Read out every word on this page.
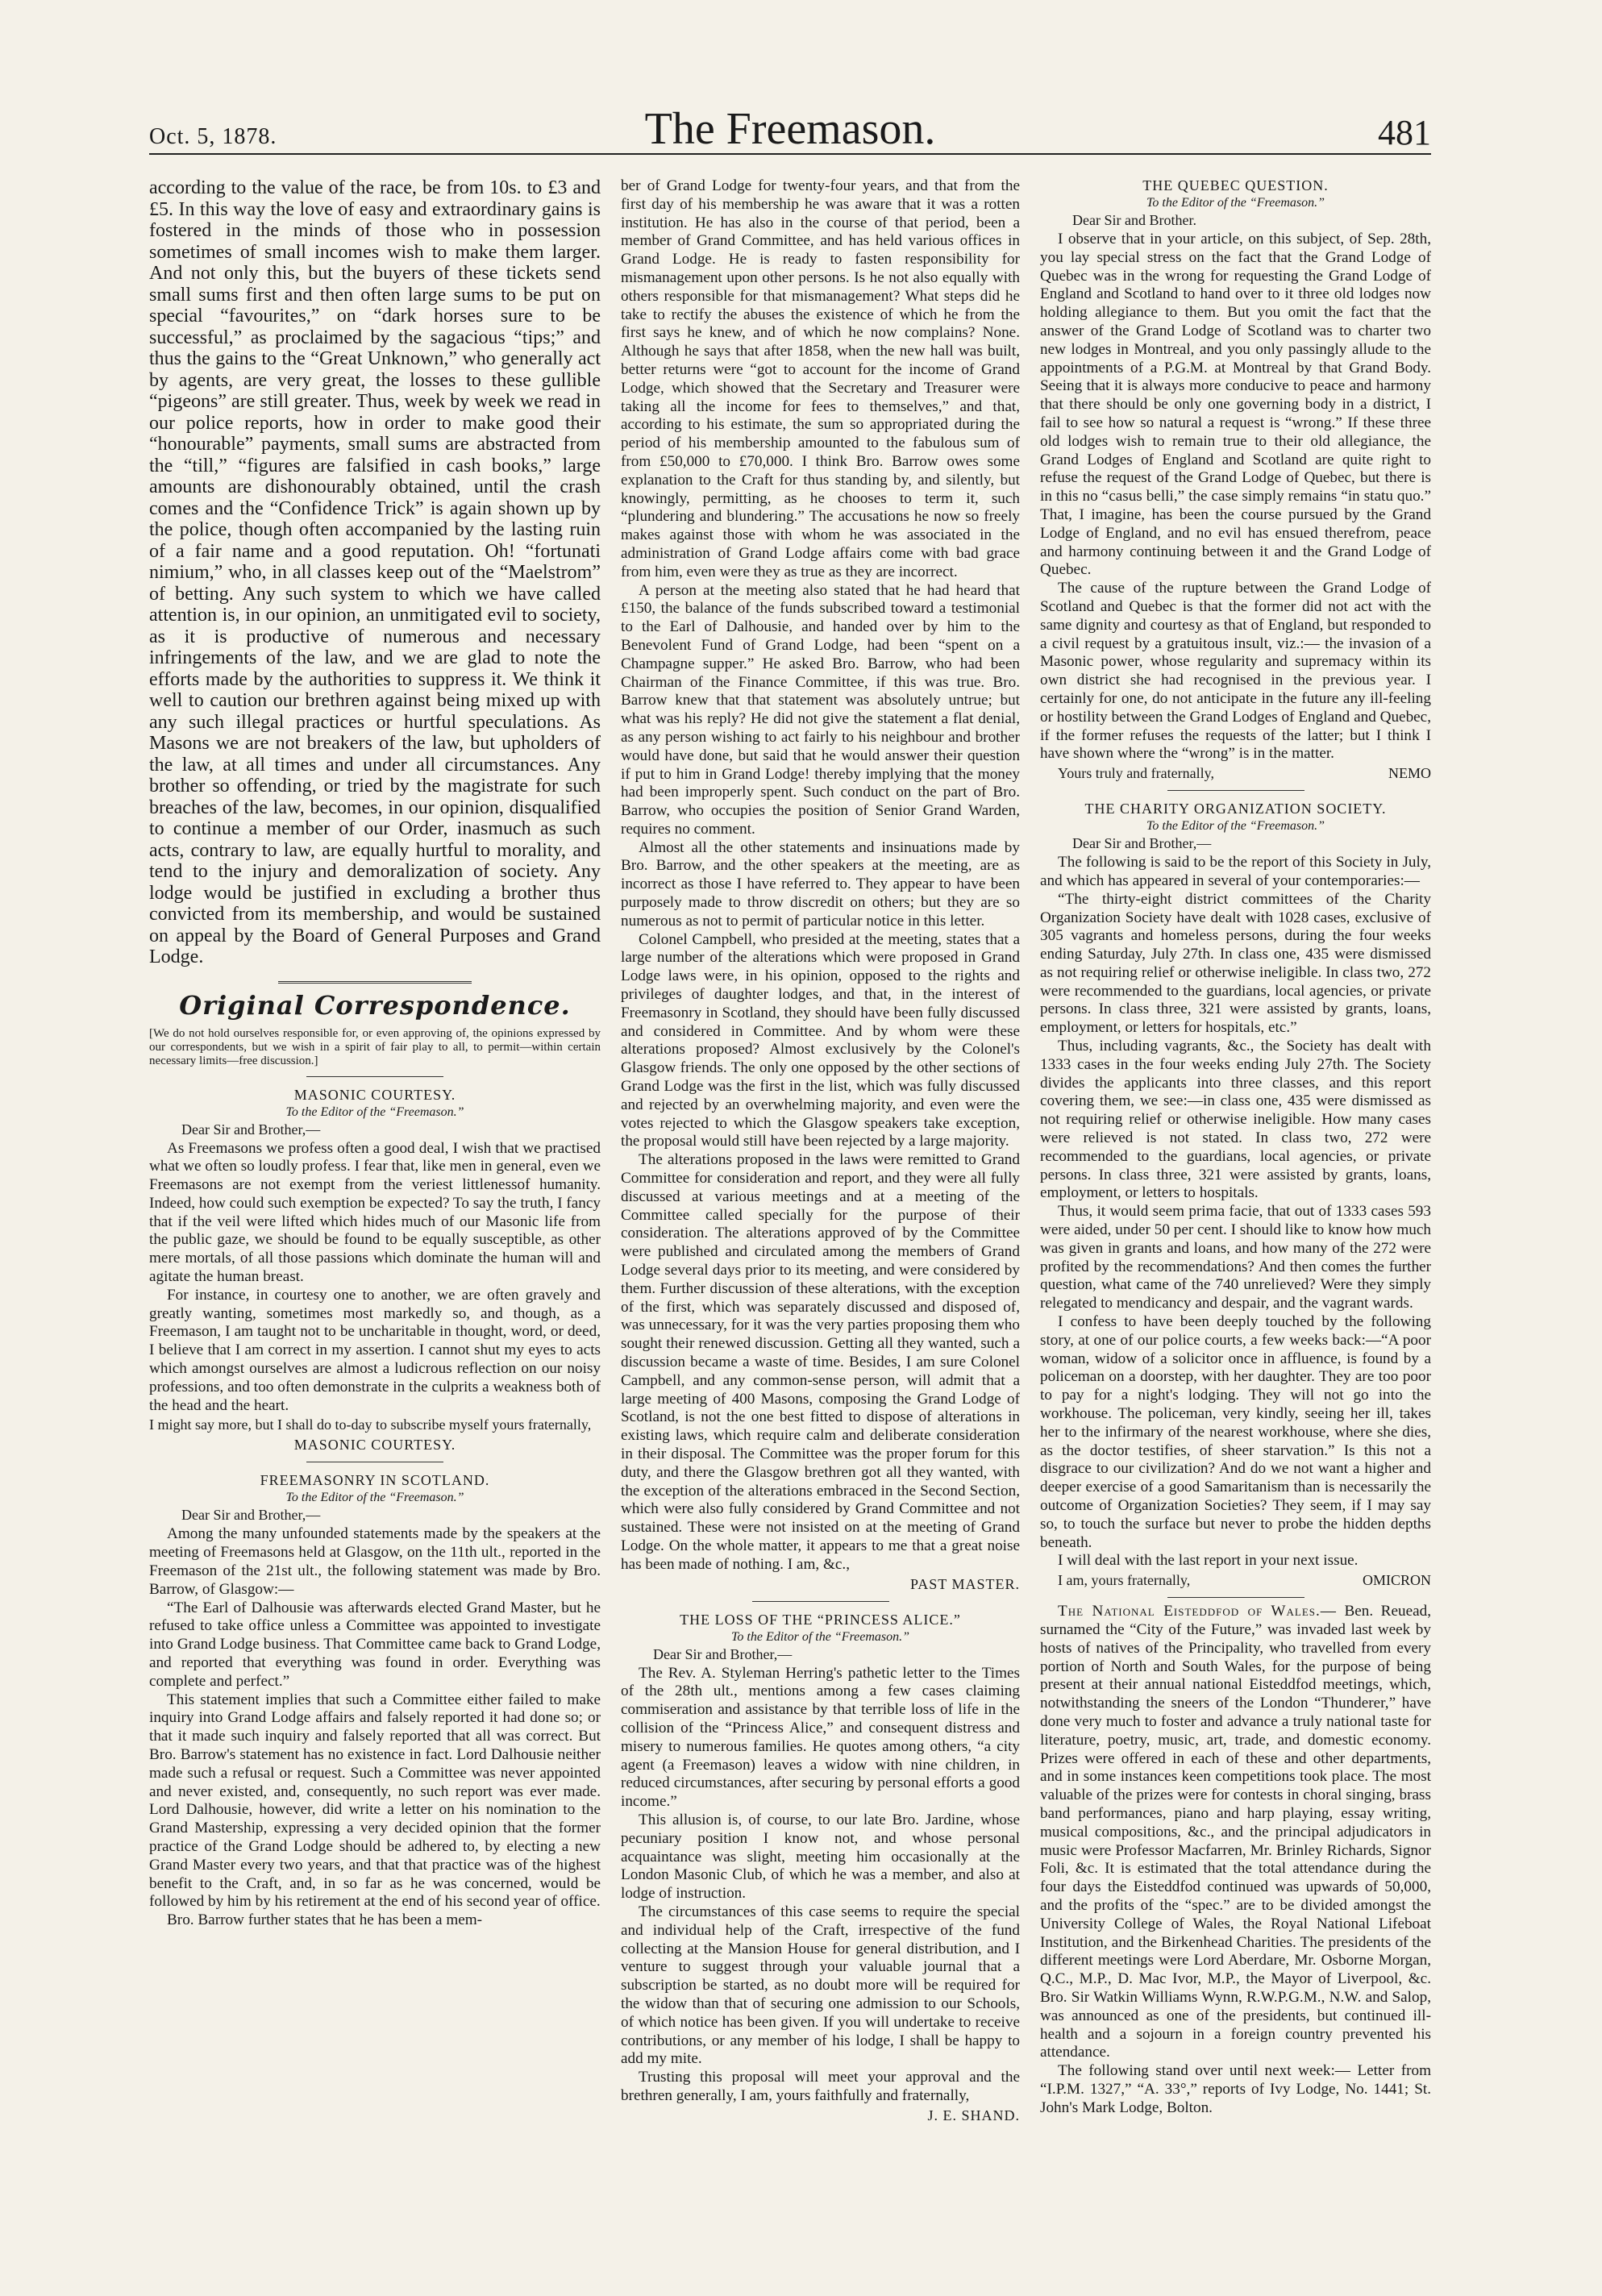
Oct. 5, 1878.	The Freemason.	481

according to the value of the race, be from 10s. to £3 and £5. In this way the love of easy and extraordinary gains is fostered in the minds of those who in possession sometimes of small incomes wish to make them larger. And not only this, but the buyers of these tickets send small sums first and then often large sums to be put on special “favourites,” on “dark horses sure to be successful,” as proclaimed by the sagacious “tips;” and thus the gains to the “Great Unknown,” who generally act by agents, are very great, the losses to these gullible “pigeons” are still greater. Thus, week by week we read in our police reports, how in order to make good their “honourable” payments, small sums are abstracted from the “till,” “figures are falsified in cash books,” large amounts are dishonourably obtained, until the crash comes and the “Confidence Trick” is again shown up by the police, though often accompanied by the lasting ruin of a fair name and a good reputation. Oh! “fortunati nimium,” who, in all classes keep out of the “Maelstrom” of betting. Any such system to which we have called attention is, in our opinion, an unmitigated evil to society, as it is productive of numerous and necessary infringements of the law, and we are glad to note the efforts made by the authorities to suppress it. We think it well to caution our brethren against being mixed up with any such illegal practices or hurtful speculations. As Masons we are not breakers of the law, but upholders of the law, at all times and under all circumstances. Any brother so offending, or tried by the magistrate for such breaches of the law, becomes, in our opinion, disqualified to continue a member of our Order, inasmuch as such acts, contrary to law, are equally hurtful to morality, and tend to the injury and demoralization of society. Any lodge would be justified in excluding a brother thus convicted from its membership, and would be sustained on appeal by the Board of General Purposes and Grand Lodge.

Original Correspondence.

[We do not hold ourselves responsible for, or even approving of, the opinions expressed by our correspondents, but we wish in a spirit of fair play to all, to permit—within certain necessary limits—free discussion.]

MASONIC COURTESY.
To the Editor of the “Freemason.”
Dear Sir and Brother,—

As Freemasons we profess often a good deal, I wish that we practised what we often so loudly profess. I fear that, like men in general, even we Freemasons are not exempt from the veriest littlenessof humanity. Indeed, how could such exemption be expected? To say the truth, I fancy that if the veil were lifted which hides much of our Masonic life from the public gaze, we should be found to be equally susceptible, as other mere mortals, of all those passions which dominate the human will and agitate the human breast.

For instance, in courtesy one to another, we are often gravely and greatly wanting, sometimes most markedly so, and though, as a Freemason, I am taught not to be uncharitable in thought, word, or deed, I believe that I am correct in my assertion. I cannot shut my eyes to acts which amongst ourselves are almost a ludicrous reflection on our noisy professions, and too often demonstrate in the culprits a weakness both of the head and the heart.

I might say more, but I shall do to-day to subscribe myself yours fraternally,
MASONIC COURTESY.
FREEMASONRY IN SCOTLAND.
To the Editor of the “Freemason.”
Dear Sir and Brother,—

Among the many unfounded statements made by the speakers at the meeting of Freemasons held at Glasgow, on the 11th ult., reported in the Freemason of the 21st ult., the following statement was made by Bro. Barrow, of Glasgow:—

“The Earl of Dalhousie was afterwards elected Grand Master, but he refused to take office unless a Committee was appointed to investigate into Grand Lodge business. That Committee came back to Grand Lodge, and reported that everything was found in order. Everything was complete and perfect.”

This statement implies that such a Committee either failed to make inquiry into Grand Lodge affairs and falsely reported it had done so; or that it made such inquiry and falsely reported that all was correct. But Bro. Barrow's statement has no existence in fact. Lord Dalhousie neither made such a refusal or request. Such a Committee was never appointed and never existed, and, consequently, no such report was ever made. Lord Dalhousie, however, did write a letter on his nomination to the Grand Mastership, expressing a very decided opinion that the former practice of the Grand Lodge should be adhered to, by electing a new Grand Master every two years, and that that practice was of the highest benefit to the Craft, and, in so far as he was concerned, would be followed by him by his retirement at the end of his second year of office.

Bro. Barrow further states that he has been a mem-

ber of Grand Lodge for twenty-four years, and that from the first day of his membership he was aware that it was a rotten institution. He has also in the course of that period, been a member of Grand Committee, and has held various offices in Grand Lodge. He is ready to fasten responsibility for mismanagement upon other persons. Is he not also equally with others responsible for that mismanagement? What steps did he take to rectify the abuses the existence of which he from the first says he knew, and of which he now complains? None. Although he says that after 1858, when the new hall was built, better returns were “got to account for the income of Grand Lodge, which showed that the Secretary and Treasurer were taking all the income for fees to themselves,” and that, according to his estimate, the sum so appropriated during the period of his membership amounted to the fabulous sum of from £50,000 to £70,000. I think Bro. Barrow owes some explanation to the Craft for thus standing by, and silently, but knowingly, permitting, as he chooses to term it, such “plundering and blundering.” The accusations he now so freely makes against those with whom he was associated in the administration of Grand Lodge affairs come with bad grace from him, even were they as true as they are incorrect.

A person at the meeting also stated that he had heard that £150, the balance of the funds subscribed toward a testimonial to the Earl of Dalhousie, and handed over by him to the Benevolent Fund of Grand Lodge, had been “spent on a Champagne supper.” He asked Bro. Barrow, who had been Chairman of the Finance Committee, if this was true. Bro. Barrow knew that that statement was absolutely untrue; but what was his reply? He did not give the statement a flat denial, as any person wishing to act fairly to his neighbour and brother would have done, but said that he would answer their question if put to him in Grand Lodge! thereby implying that the money had been improperly spent. Such conduct on the part of Bro. Barrow, who occupies the position of Senior Grand Warden, requires no comment.

Almost all the other statements and insinuations made by Bro. Barrow, and the other speakers at the meeting, are as incorrect as those I have referred to. They appear to have been purposely made to throw discredit on others; but they are so numerous as not to permit of particular notice in this letter.

Colonel Campbell, who presided at the meeting, states that a large number of the alterations which were proposed in Grand Lodge laws were, in his opinion, opposed to the rights and privileges of daughter lodges, and that, in the interest of Freemasonry in Scotland, they should have been fully discussed and considered in Committee. And by whom were these alterations proposed? Almost exclusively by the Colonel's Glasgow friends. The only one opposed by the other sections of Grand Lodge was the first in the list, which was fully discussed and rejected by an overwhelming majority, and even were the votes rejected to which the Glasgow speakers take exception, the proposal would still have been rejected by a large majority.

The alterations proposed in the laws were remitted to Grand Committee for consideration and report, and they were all fully discussed at various meetings and at a meeting of the Committee called specially for the purpose of their consideration. The alterations approved of by the Committee were published and circulated among the members of Grand Lodge several days prior to its meeting, and were considered by them. Further discussion of these alterations, with the exception of the first, which was separately discussed and disposed of, was unnecessary, for it was the very parties proposing them who sought their renewed discussion. Getting all they wanted, such a discussion became a waste of time. Besides, I am sure Colonel Campbell, and any common-sense person, will admit that a large meeting of 400 Masons, composing the Grand Lodge of Scotland, is not the one best fitted to dispose of alterations in existing laws, which require calm and deliberate consideration in their disposal. The Committee was the proper forum for this duty, and there the Glasgow brethren got all they wanted, with the exception of the alterations embraced in the Second Section, which were also fully considered by Grand Committee and not sustained. These were not insisted on at the meeting of Grand Lodge. On the whole matter, it appears to me that a great noise has been made of nothing. I am, &c.,

PAST MASTER.
THE LOSS OF THE “PRINCESS ALICE.”
To the Editor of the “Freemason.”
Dear Sir and Brother,—

The Rev. A. Styleman Herring's pathetic letter to the Times of the 28th ult., mentions among a few cases claiming commiseration and assistance by that terrible loss of life in the collision of the “Princess Alice,” and consequent distress and misery to numerous families. He quotes among others, “a city agent (a Freemason) leaves a widow with nine children, in reduced circumstances, after securing by personal efforts a good income.”

This allusion is, of course, to our late Bro. Jardine, whose pecuniary position I know not, and whose personal acquaintance was slight, meeting him occasionally at the London Masonic Club, of which he was a member, and also at lodge of instruction.

The circumstances of this case seems to require the special and individual help of the Craft, irrespective of the fund collecting at the Mansion House for general distribution, and I venture to suggest through your valuable journal that a subscription be started, as no doubt more will be required for the widow than that of securing one admission to our Schools, of which notice has been given. If you will undertake to receive contributions, or any member of his lodge, I shall be happy to add my mite.

Trusting this proposal will meet your approval and the brethren generally, I am, yours faithfully and fraternally,

J. E. SHAND.
THE QUEBEC QUESTION.
To the Editor of the “Freemason.”
Dear Sir and Brother.

I observe that in your article, on this subject, of Sep. 28th, you lay special stress on the fact that the Grand Lodge of Quebec was in the wrong for requesting the Grand Lodge of England and Scotland to hand over to it three old lodges now holding allegiance to them. But you omit the fact that the answer of the Grand Lodge of Scotland was to charter two new lodges in Montreal, and you only passingly allude to the appointments of a P.G.M. at Montreal by that Grand Body. Seeing that it is always more conducive to peace and harmony that there should be only one governing body in a district, I fail to see how so natural a request is “wrong.” If these three old lodges wish to remain true to their old allegiance, the Grand Lodges of England and Scotland are quite right to refuse the request of the Grand Lodge of Quebec, but there is in this no “casus belli,” the case simply remains “in statu quo.” That, I imagine, has been the course pursued by the Grand Lodge of England, and no evil has ensued therefrom, peace and harmony continuing between it and the Grand Lodge of Quebec.

The cause of the rupture between the Grand Lodge of Scotland and Quebec is that the former did not act with the same dignity and courtesy as that of England, but responded to a civil request by a gratuitous insult, viz.:— the invasion of a Masonic power, whose regularity and supremacy within its own district she had recognised in the previous year. I certainly for one, do not anticipate in the future any ill-feeling or hostility between the Grand Lodges of England and Quebec, if the former refuses the requests of the latter; but I think I have shown where the “wrong” is in the matter.

Yours truly and fraternally,	NEMO
THE CHARITY ORGANIZATION SOCIETY.
To the Editor of the “Freemason.”
Dear Sir and Brother,—

The following is said to be the report of this Society in July, and which has appeared in several of your contemporaries:—

“The thirty-eight district committees of the Charity Organization Society have dealt with 1028 cases, exclusive of 305 vagrants and homeless persons, during the four weeks ending Saturday, July 27th. In class one, 435 were dismissed as not requiring relief or otherwise ineligible. In class two, 272 were recommended to the guardians, local agencies, or private persons. In class three, 321 were assisted by grants, loans, employment, or letters for hospitals, etc.”

Thus, including vagrants, &c., the Society has dealt with 1333 cases in the four weeks ending July 27th. The Society divides the applicants into three classes, and this report covering them, we see:—in class one, 435 were dismissed as not requiring relief or otherwise ineligible. How many cases were relieved is not stated. In class two, 272 were recommended to the guardians, local agencies, or private persons. In class three, 321 were assisted by grants, loans, employment, or letters to hospitals.

Thus, it would seem prima facie, that out of 1333 cases 593 were aided, under 50 per cent. I should like to know how much was given in grants and loans, and how many of the 272 were profited by the recommendations? And then comes the further question, what came of the 740 unrelieved? Were they simply relegated to mendicancy and despair, and the vagrant wards.

I confess to have been deeply touched by the following story, at one of our police courts, a few weeks back:—“A poor woman, widow of a solicitor once in affluence, is found by a policeman on a doorstep, with her daughter. They are too poor to pay for a night's lodging. They will not go into the workhouse. The policeman, very kindly, seeing her ill, takes her to the infirmary of the nearest workhouse, where she dies, as the doctor testifies, of sheer starvation.” Is this not a disgrace to our civilization? And do we not want a higher and deeper exercise of a good Samaritanism than is necessarily the outcome of Organization Societies? They seem, if I may say so, to touch the surface but never to probe the hidden depths beneath.

I will deal with the last report in your next issue.

I am, yours fraternally,	OMICRON

The National Eisteddfod of Wales.— Ben. Reuead, surnamed the “City of the Future,” was invaded last week by hosts of natives of the Principality, who travelled from every portion of North and South Wales, for the purpose of being present at their annual national Eisteddfod meetings, which, notwithstanding the sneers of the London “Thunderer,” have done very much to foster and advance a truly national taste for literature, poetry, music, art, trade, and domestic economy. Prizes were offered in each of these and other departments, and in some instances keen competitions took place. The most valuable of the prizes were for contests in choral singing, brass band performances, piano and harp playing, essay writing, musical compositions, &c., and the principal adjudicators in music were Professor Macfarren, Mr. Brinley Richards, Signor Foli, &c. It is estimated that the total attendance during the four days the Eisteddfod continued was upwards of 50,000, and the profits of the “spec.” are to be divided amongst the University College of Wales, the Royal National Lifeboat Institution, and the Birkenhead Charities. The presidents of the different meetings were Lord Aberdare, Mr. Osborne Morgan, Q.C., M.P., D. Mac Ivor, M.P., the Mayor of Liverpool, &c. Bro. Sir Watkin Williams Wynn, R.W.P.G.M., N.W. and Salop, was announced as one of the presidents, but continued ill-health and a sojourn in a foreign country prevented his attendance.

The following stand over until next week:— Letter from “I.P.M. 1327,” “A. 33°,” reports of Ivy Lodge, No. 1441; St. John's Mark Lodge, Bolton.
